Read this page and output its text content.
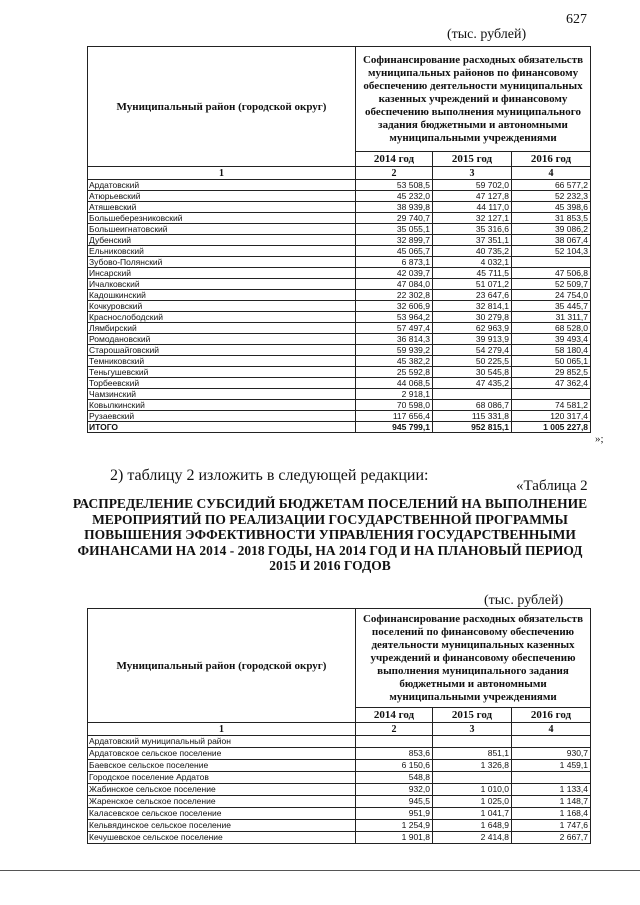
627
(тыс. рублей)
Муниципальный район (городской округ)	Софинансирование расходных обязательств муниципальных районов по финансовому обеспечению деятельности муниципальных казенных учреждений и финансовому обеспечению выполнения муниципального задания бюджетными и автономными муниципальными учреждениями		
	2014 год	2015 год	2016 год
1	2	3	4
Ардатовский	53 508,5	59 702,0	66 577,2
Атюрьевский	45 232,0	47 127,8	52 232,3
Атяшевский	38 939,8	44 117,0	45 398,6
Большеберезниковский	29 740,7	32 127,1	31 853,5
Большеигнатовский	35 055,1	35 316,6	39 086,2
Дубенский	32 899,7	37 351,1	38 067,4
Ельниковский	45 065,7	40 735,2	52 104,3
Зубово-Полянский	6 873,1	4 032,1	
Инсарский	42 039,7	45 711,5	47 506,8
Ичалковский	47 084,0	51 071,2	52 509,7
Кадошкинский	22 302,8	23 647,6	24 754,0
Кочкуровский	32 606,9	32 814,1	35 445,7
Краснослободский	53 964,2	30 279,8	31 311,7
Лямбирский	57 497,4	62 963,9	68 528,0
Ромодановский	36 814,3	39 913,9	39 493,4
Старошайговский	59 939,2	54 279,4	58 180,4
Темниковский	45 382,2	50 225,5	50 065,1
Теньгушевский	25 592,8	30 545,8	29 852,5
Торбеевский	44 068,5	47 435,2	47 362,4
Чамзинский	2 918,1		
Ковылкинский	70 598,0	68 086,7	74 581,2
Рузаевский	117 656,4	115 331,8	120 317,4
ИТОГО	945 799,1	952 815,1	1 005 227,8
»;
2) таблицу 2 изложить в следующей редакции:
«Таблица 2
РАСПРЕДЕЛЕНИЕ СУБСИДИЙ БЮДЖЕТАМ ПОСЕЛЕНИЙ НА ВЫПОЛНЕНИЕ МЕРОПРИЯТИЙ ПО РЕАЛИЗАЦИИ ГОСУДАРСТВЕННОЙ ПРОГРАММЫ ПОВЫШЕНИЯ ЭФФЕКТИВНОСТИ УПРАВЛЕНИЯ ГОСУДАРСТВЕННЫМИ ФИНАНСАМИ НА 2014 - 2018 ГОДЫ, НА 2014 ГОД И НА ПЛАНОВЫЙ ПЕРИОД 2015 И 2016 ГОДОВ
(тыс. рублей)
Муниципальный район (городской округ)	Софинансирование расходных обязательств поселений по финансовому обеспечению деятельности муниципальных казенных учреждений и финансовому обеспечению выполнения муниципального задания бюджетными и автономными муниципальными учреждениями		
	2014 год	2015 год	2016 год
1	2	3	4
Ардатовский муниципальный район			
Ардатовское сельское поселение	853,6	851,1	930,7
Баевское сельское поселение	6 150,6	1 326,8	1 459,1
Городское поселение Ардатов	548,8		
Жабинское сельское поселение	932,0	1 010,0	1 133,4
Жаренское сельское поселение	945,5	1 025,0	1 148,7
Каласевское сельское поселение	951,9	1 041,7	1 168,4
Кельвядинское сельское поселение	1 254,9	1 648,9	1 747,6
Кечушевское сельское поселение	1 901,8	2 414,8	2 667,7
